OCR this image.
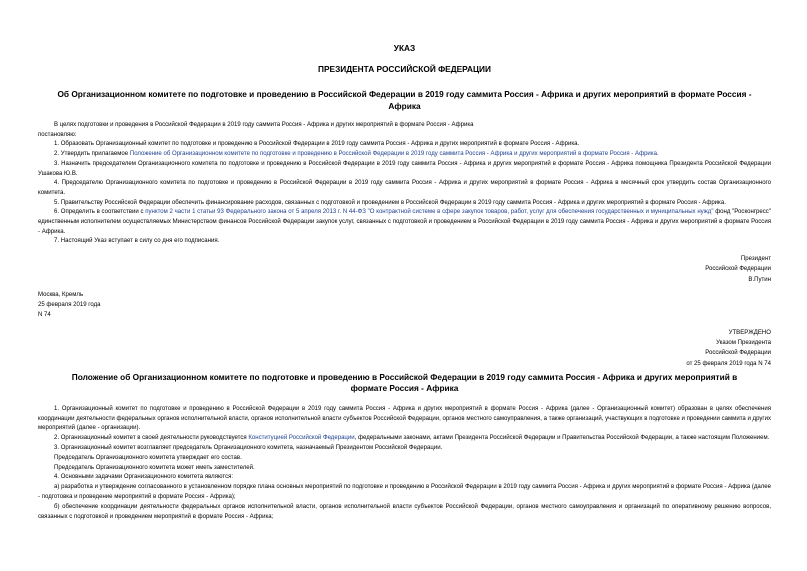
УКАЗ
ПРЕЗИДЕНТА РОССИЙСКОЙ ФЕДЕРАЦИИ
Об Организационном комитете по подготовке и проведению в Российской Федерации в 2019 году саммита Россия - Африка и других мероприятий в формате Россия - Африка

В целях подготовки и проведения в Российской Федерации в 2019 году саммита Россия - Африка и других мероприятий в формате Россия - Африка

постановляю:

1. Образовать Организационный комитет по подготовке и проведению в Российской Федерации в 2019 году саммита Россия - Африка и других мероприятий в формате Россия - Африка.

2. Утвердить прилагаемое Положение об Организационном комитете по подготовке и проведению в Российской Федерации в 2019 году саммита Россия - Африка и других мероприятий в формате Россия - Африка.

3. Назначить председателем Организационного комитета по подготовке и проведению в Российской Федерации в 2019 году саммита Россия - Африка и других мероприятий в формате Россия - Африка помощника Президента Российской Федерации Ушакова Ю.В.

4. Председателю Организационного комитета по подготовке и проведению в Российской Федерации в 2019 году саммита Россия - Африка и других мероприятий в формате Россия - Африка в месячный срок утвердить состав Организационного комитета.

5. Правительству Российской Федерации обеспечить финансирование расходов, связанных с подготовкой и проведением в Российской Федерации в 2019 году саммита Россия - Африка и других мероприятий в формате Россия - Африка.

6. Определить в соответствии с пунктом 2 части 1 статьи 93 Федерального закона от 5 апреля 2013 г. N 44-ФЗ "О контрактной системе в сфере закупок товаров, работ, услуг для обеспечения государственных и муниципальных нужд" фонд "Росконгресс" единственным исполнителем осуществляемых Министерством финансов Российской Федерации закупок услуг, связанных с подготовкой и проведением в Российской Федерации в 2019 году саммита Россия - Африка и других мероприятий в формате Россия - Африка.

7. Настоящий Указ вступает в силу со дня его подписания.

Президент
Российской Федерации
В.Путин
Москва, Кремль
25 февраля 2019 года
N 74
УТВЕРЖДЕНО
Указом Президента
Российской Федерации
от 25 февраля 2019 года N 74
Положение об Организационном комитете по подготовке и проведению в Российской Федерации в 2019 году саммита Россия - Африка и других мероприятий в формате Россия - Африка

1. Организационный комитет по подготовке и проведению в Российской Федерации в 2019 году саммита Россия - Африка и других мероприятий в формате Россия - Африка (далее - Организационный комитет) образован в целях обеспечения координации деятельности федеральных органов исполнительной власти, органов исполнительной власти субъектов Российской Федерации, органов местного самоуправления, а также организаций, участвующих в подготовке и проведении саммита и других мероприятий (далее - организации).

2. Организационный комитет в своей деятельности руководствуется Конституцией Российской Федерации, федеральными законами, актами Президента Российской Федерации и Правительства Российской Федерации, а также настоящим Положением.

3. Организационный комитет возглавляет председатель Организационного комитета, назначаемый Президентом Российской Федерации.

Председатель Организационного комитета утверждает его состав.

Председатель Организационного комитета может иметь заместителей.

4. Основными задачами Организационного комитета являются:

а) разработка и утверждение согласованного в установленном порядке плана основных мероприятий по подготовке и проведению в Российской Федерации в 2019 году саммита Россия - Африка и других мероприятий в формате Россия - Африка (далее - подготовка и проведение мероприятий в формате Россия - Африка);

б) обеспечение координации деятельности федеральных органов исполнительной власти, органов исполнительной власти субъектов Российской Федерации, органов местного самоуправления и организаций по оперативному решению вопросов, связанных с подготовкой и проведением мероприятий в формате Россия - Африка;
